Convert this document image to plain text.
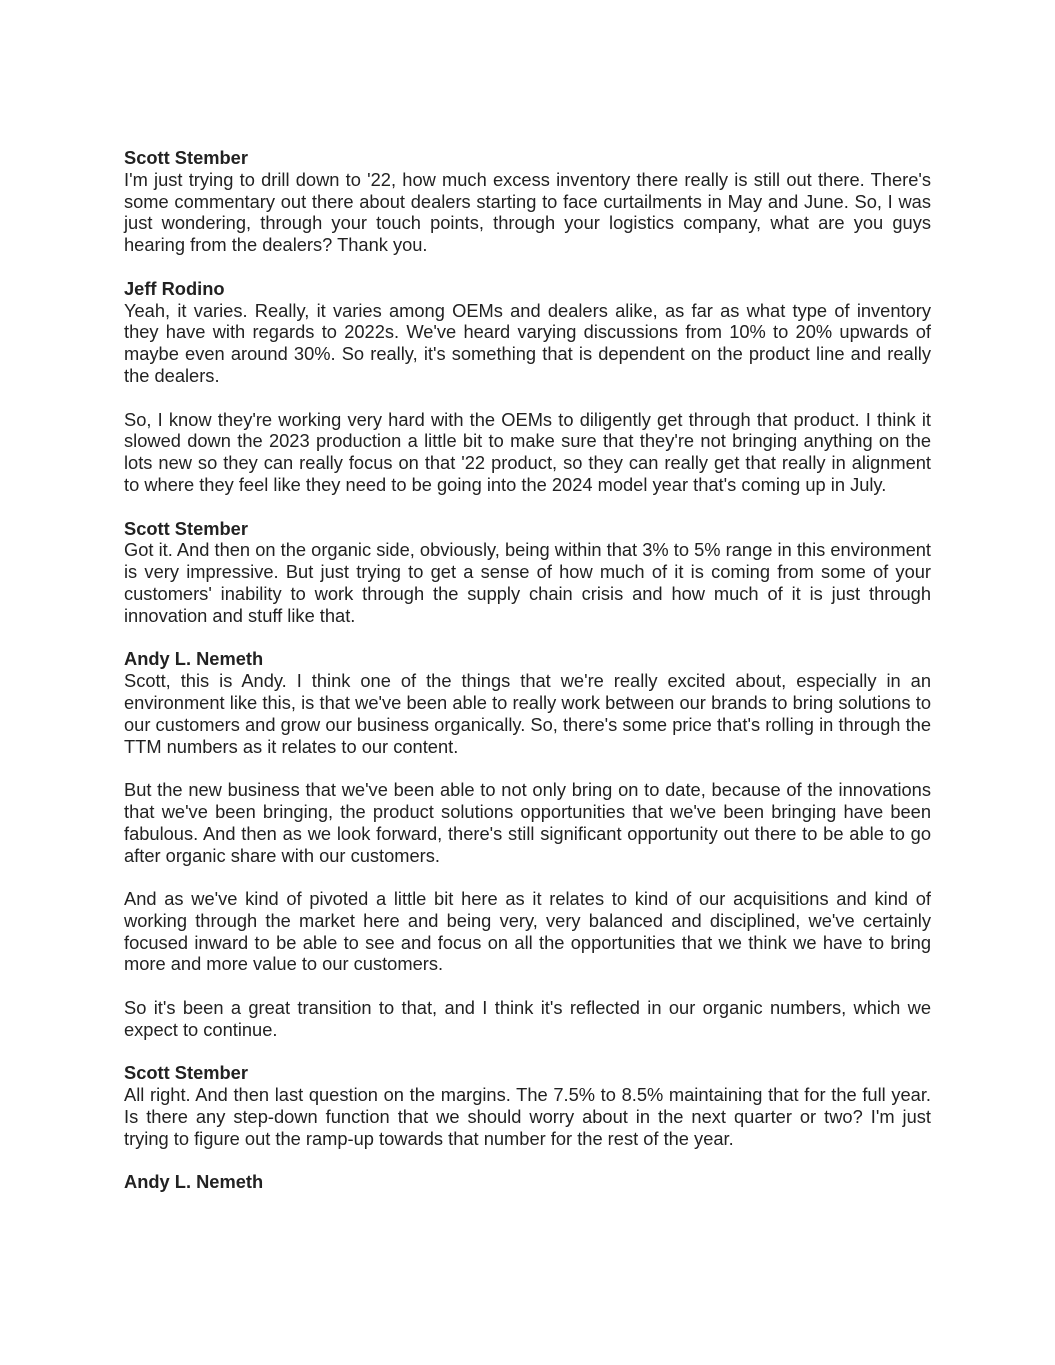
Scott Stember

I'm just trying to drill down to '22, how much excess inventory there really is still out there. There's some commentary out there about dealers starting to face curtailments in May and June. So, I was just wondering, through your touch points, through your logistics company, what are you guys hearing from the dealers? Thank you.

Jeff Rodino

Yeah, it varies. Really, it varies among OEMs and dealers alike, as far as what type of inventory they have with regards to 2022s. We've heard varying discussions from 10% to 20% upwards of maybe even around 30%. So really, it's something that is dependent on the product line and really the dealers.

So, I know they're working very hard with the OEMs to diligently get through that product. I think it slowed down the 2023 production a little bit to make sure that they're not bringing anything on the lots new so they can really focus on that '22 product, so they can really get that really in alignment to where they feel like they need to be going into the 2024 model year that's coming up in July.

Scott Stember

Got it. And then on the organic side, obviously, being within that 3% to 5% range in this environment is very impressive. But just trying to get a sense of how much of it is coming from some of your customers' inability to work through the supply chain crisis and how much of it is just through innovation and stuff like that.

Andy L. Nemeth

Scott, this is Andy. I think one of the things that we're really excited about, especially in an environment like this, is that we've been able to really work between our brands to bring solutions to our customers and grow our business organically. So, there's some price that's rolling in through the TTM numbers as it relates to our content.

But the new business that we've been able to not only bring on to date, because of the innovations that we've been bringing, the product solutions opportunities that we've been bringing have been fabulous. And then as we look forward, there's still significant opportunity out there to be able to go after organic share with our customers.

And as we've kind of pivoted a little bit here as it relates to kind of our acquisitions and kind of working through the market here and being very, very balanced and disciplined, we've certainly focused inward to be able to see and focus on all the opportunities that we think we have to bring more and more value to our customers.

So it's been a great transition to that, and I think it's reflected in our organic numbers, which we expect to continue.

Scott Stember

All right. And then last question on the margins. The 7.5% to 8.5% maintaining that for the full year. Is there any step-down function that we should worry about in the next quarter or two? I'm just trying to figure out the ramp-up towards that number for the rest of the year.

Andy L. Nemeth
